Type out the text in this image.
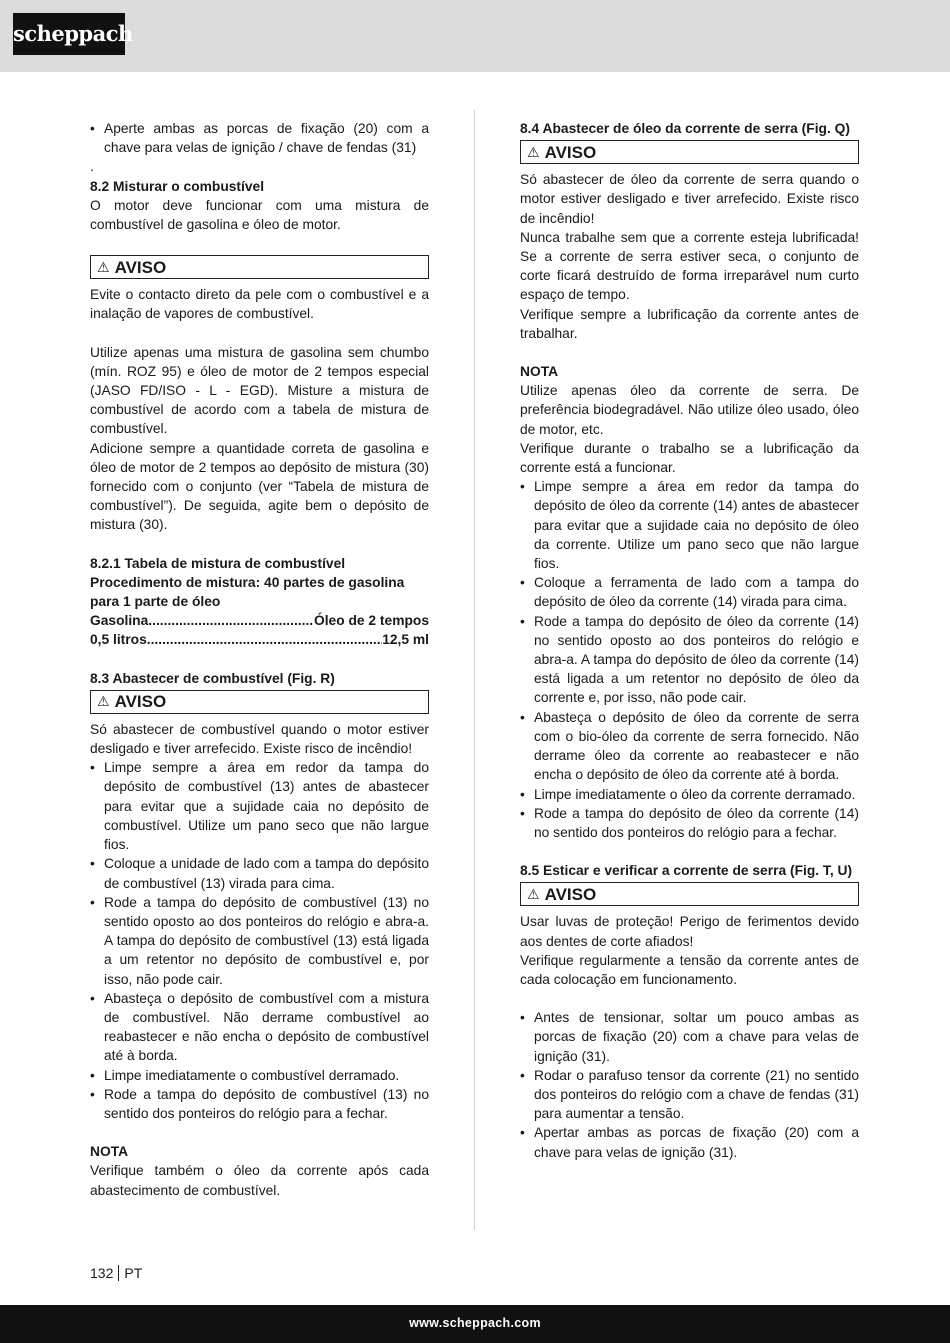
scheppach
• Aperte ambas as porcas de fixação (20) com a chave para velas de ignição / chave de fendas (31)

.

8.2 Misturar o combustível

O motor deve funcionar com uma mistura de combustível de gasolina e óleo de motor.

⚠ AVISO

Evite o contacto direto da pele com o combustível e a inalação de vapores de combustível.

Utilize apenas uma mistura de gasolina sem chumbo (mín. ROZ 95) e óleo de motor de 2 tempos especial (JASO FD/ISO - L - EGD). Misture a mistura de combustível de acordo com a tabela de mistura de combustível.

Adicione sempre a quantidade correta de gasolina e óleo de motor de 2 tempos ao depósito de mistura (30) fornecido com o conjunto (ver “Tabela de mistura de combustível”). De seguida, agite bem o depósito de mistura (30).

8.2.1 Tabela de mistura de combustível

Procedimento de mistura: 40 partes de gasolina para 1 parte de óleo

Gasolina .....	Óleo de 2 tempos
0,5 litros .....	12,5 ml

8.3 Abastecer de combustível (Fig. R)

⚠ AVISO

Só abastecer de combustível quando o motor estiver desligado e tiver arrefecido. Existe risco de incêndio!

• Limpe sempre a área em redor da tampa do depósito de combustível (13) antes de abastecer para evitar que a sujidade caia no depósito de combustível. Utilize um pano seco que não largue fios.
• Coloque a unidade de lado com a tampa do depósito de combustível (13) virada para cima.
• Rode a tampa do depósito de combustível (13) no sentido oposto ao dos ponteiros do relógio e abra-a. A tampa do depósito de combustível (13) está ligada a um retentor no depósito de combustível e, por isso, não pode cair.
• Abasteça o depósito de combustível com a mistura de combustível. Não derrame combustível ao reabastecer e não encha o depósito de combustível até à borda.
• Limpe imediatamente o combustível derramado.
• Rode a tampa do depósito de combustível (13) no sentido dos ponteiros do relógio para a fechar.

NOTA

Verifique também o óleo da corrente após cada abastecimento de combustível.

8.4 Abastecer de óleo da corrente de serra (Fig. Q)

⚠ AVISO

Só abastecer de óleo da corrente de serra quando o motor estiver desligado e tiver arrefecido. Existe risco de incêndio!

Nunca trabalhe sem que a corrente esteja lubrificada! Se a corrente de serra estiver seca, o conjunto de corte ficará destruído de forma irreparável num curto espaço de tempo.

Verifique sempre a lubrificação da corrente antes de trabalhar.

NOTA

Utilize apenas óleo da corrente de serra. De preferência biodegradável. Não utilize óleo usado, óleo de motor, etc.

Verifique durante o trabalho se a lubrificação da corrente está a funcionar.

• Limpe sempre a área em redor da tampa do depósito de óleo da corrente (14) antes de abastecer para evitar que a sujidade caia no depósito de óleo da corrente. Utilize um pano seco que não largue fios.
• Coloque a ferramenta de lado com a tampa do depósito de óleo da corrente (14) virada para cima.
• Rode a tampa do depósito de óleo da corrente (14) no sentido oposto ao dos ponteiros do relógio e abra-a. A tampa do depósito de óleo da corrente (14) está ligada a um retentor no depósito de óleo da corrente e, por isso, não pode cair.
• Abasteça o depósito de óleo da corrente de serra com o bio-óleo da corrente de serra fornecido. Não derrame óleo da corrente ao reabastecer e não encha o depósito de óleo da corrente até à borda.
• Limpe imediatamente o óleo da corrente derramado.
• Rode a tampa do depósito de óleo da corrente (14) no sentido dos ponteiros do relógio para a fechar.

8.5 Esticar e verificar a corrente de serra (Fig. T, U)

⚠ AVISO

Usar luvas de proteção! Perigo de ferimentos devido aos dentes de corte afiados!

Verifique regularmente a tensão da corrente antes de cada colocação em funcionamento.

• Antes de tensionar, soltar um pouco ambas as porcas de fixação (20) com a chave para velas de ignição (31).
• Rodar o parafuso tensor da corrente (21) no sentido dos ponteiros do relógio com a chave de fendas (31) para aumentar a tensão.
• Apertar ambas as porcas de fixação (20) com a chave para velas de ignição (31).
132 PT
www.scheppach.com
